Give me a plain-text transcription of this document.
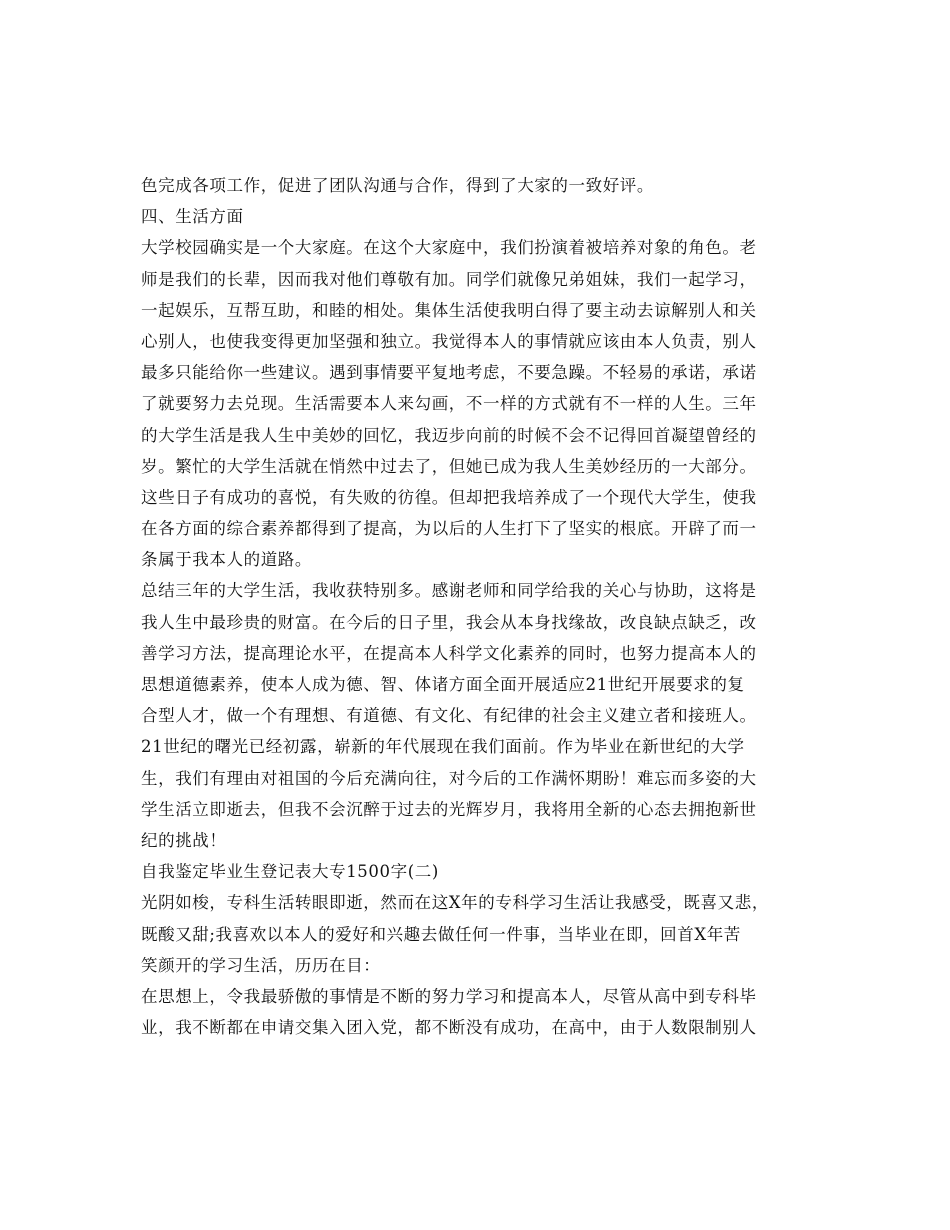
色完成各项工作，促进了团队沟通与合作，得到了大家的一致好评。
四、生活方面
大学校园确实是一个大家庭。在这个大家庭中，我们扮演着被培养对象的角色。老
师是我们的长辈，因而我对他们尊敬有加。同学们就像兄弟姐妹，我们一起学习，
一起娱乐，互帮互助，和睦的相处。集体生活使我明白得了要主动去谅解别人和关
心别人，也使我变得更加坚强和独立。我觉得本人的事情就应该由本人负责，别人
最多只能给你一些建议。遇到事情要平复地考虑，不要急躁。不轻易的承诺，承诺
了就要努力去兑现。生活需要本人来勾画，不一样的方式就有不一样的人生。三年
的大学生活是我人生中美妙的回忆，我迈步向前的时候不会不记得回首凝望曾经的
岁。繁忙的大学生活就在悄然中过去了，但她已成为我人生美妙经历的一大部分。
这些日子有成功的喜悦，有失败的彷徨。但却把我培养成了一个现代大学生，使我
在各方面的综合素养都得到了提高，为以后的人生打下了坚实的根底。开辟了而一
条属于我本人的道路。
总结三年的大学生活，我收获特别多。感谢老师和同学给我的关心与协助，这将是
我人生中最珍贵的财富。在今后的日子里，我会从本身找缘故，改良缺点缺乏，改
善学习方法，提高理论水平，在提高本人科学文化素养的同时，也努力提高本人的
思想道德素养，使本人成为德、智、体诸方面全面开展适应21世纪开展要求的复
合型人才，做一个有理想、有道德、有文化、有纪律的社会主义建立者和接班人。
21世纪的曙光已经初露，崭新的年代展现在我们面前。作为毕业在新世纪的大学
生，我们有理由对祖国的今后充满向往，对今后的工作满怀期盼！难忘而多姿的大
学生活立即逝去，但我不会沉醉于过去的光辉岁月，我将用全新的心态去拥抱新世
纪的挑战！
自我鉴定毕业生登记表大专1500字(二)
光阴如梭，专科生活转眼即逝，然而在这X年的专科学习生活让我感受，既喜又悲，
既酸又甜;我喜欢以本人的爱好和兴趣去做任何一件事，当毕业在即，回首X年苦
笑颜开的学习生活，历历在目：
在思想上，令我最骄傲的事情是不断的努力学习和提高本人，尽管从高中到专科毕
业，我不断都在申请交集入团入党，都不断没有成功，在高中，由于人数限制别人
